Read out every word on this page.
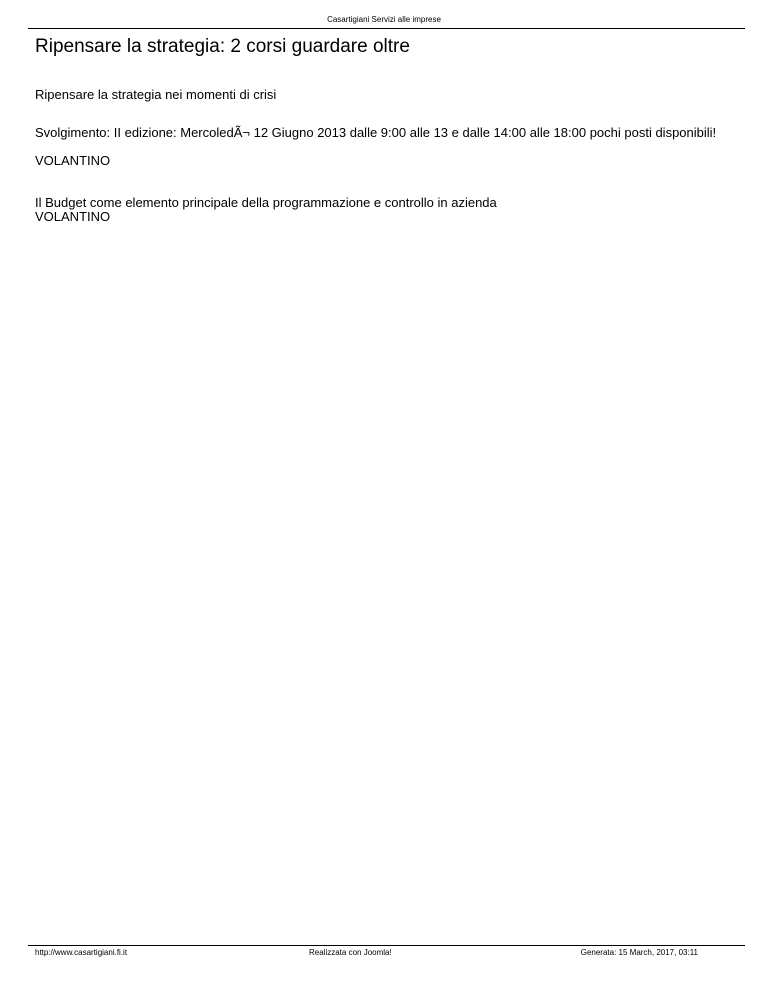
Casartigiani Servizi alle imprese
Ripensare la strategia: 2 corsi guardare oltre

Ripensare la strategia nei momenti di crisi

Svolgimento: II edizione: MercoledÃ¬ 12 Giugno 2013 dalle 9:00 alle 13 e dalle 14:00 alle 18:00 pochi posti disponibili!

VOLANTINO

Il Budget come elemento principale della programmazione e controllo in azienda

VOLANTINO

http://www.casartigiani.fi.it	Realizzata con Joomla!	Generata: 15 March, 2017, 03:11
